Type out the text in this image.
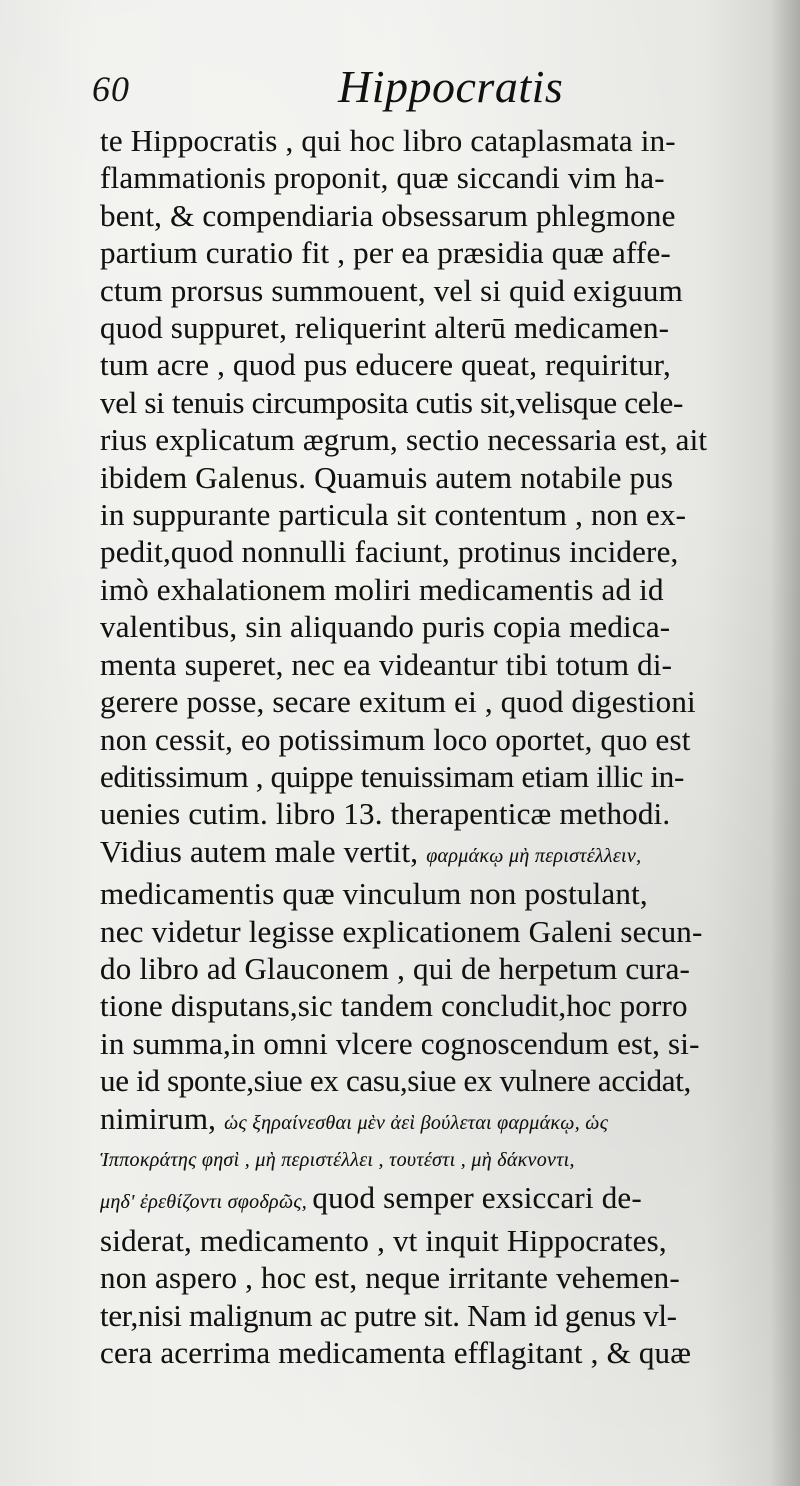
60	Hippocratis
te Hippocratis , qui hoc libro cataplasmata in-
flammationis proponit, quæ siccandi vim ha-
bent, & compendiaria obsessarum phlegmone
partium curatio fit , per ea præsidia quæ affe-
ctum prorsus summouent, vel si quid exiguum
quod suppuret, reliquerint alterū medicamen-
tum acre , quod pus educere queat, requiritur,
vel si tenuis circumposita cutis sit,velisque cele-
rius explicatum ægrum, sectio necessaria est, ait
ibidem Galenus. Quamuis autem notabile pus
in suppurante particula sit contentum , non ex-
pedit,quod nonnulli faciunt, protinus incidere,
imò exhalationem moliri medicamentis ad id
valentibus, sin aliquando puris copia medica-
menta superet, nec ea videantur tibi totum di-
gerere posse, secare exitum ei , quod digestioni
non cessit, eo potissimum loco oportet, quo est
editissimum , quippe tenuissimam etiam illic in-
uenies cutim. libro 13. therapenticæ methodi.
Vidius autem male vertit, φαρμάκῳ μὴ περιστέλλειν,
medicamentis quæ vinculum non postulant,
nec videtur legisse explicationem Galeni secun-
do libro ad Glauconem , qui de herpetum cura-
tione disputans,sic tandem concludit,hoc porro
in summa,in omni vlcere cognoscendum est, si-
ue id sponte,siue ex casu,siue ex vulnere accidat,
nimirum, ὡς ξηραίνεσθαι μὲν ἀεὶ βούλεται φαρμάκῳ, ὡς
Ἱπποκράτης φησὶ , μὴ περιστέλλει , τουτέστι , μὴ δάκνοντι,
μηδ' ἐρεθίζοντι σφοδρῶς, quod semper exsiccari de-
siderat, medicamento , vt inquit Hippocrates,
non aspero , hoc est, neque irritante vehemen-
ter,nisi malignum ac putre sit. Nam id genus vl-
cera acerrima medicamenta efflagitant , & quæ
